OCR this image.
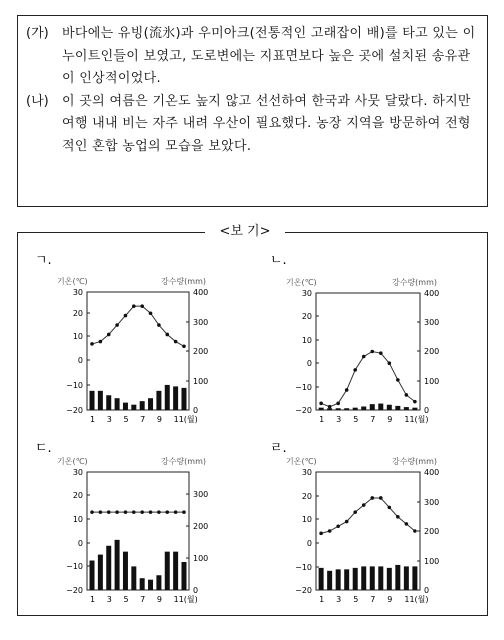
(가)	바다에는 유빙(流氷)과 우미아크(전통적인 고래잡이 배)를 타고 있는 이누이트인들이 보였고, 도로변에는 지표면보다 높은 곳에 설치된 송유관이 인상적이었다.
(나)	이 곳의 여름은 기온도 높지 않고 선선하여 한국과 사뭇 달랐다. 하지만 여행 내내 비는 자주 내려 우산이 필요했다. 농장 지역을 방문하여 전형적인 혼합 농업의 모습을 보았다.
<보 기>
ㄱ.
기온(℃)	강수량(mm)
30
20
10
0
−10
−20
400
300
200
100
0
1 3 5 7 9 11(월)
ㄴ.
기온(℃)	강수량(mm)
30
20
10
0
−10
−20
400
300
200
100
0
1 3 5 7 9 11(월)
ㄷ.
기온(℃)	강수량(mm)
30
20
10
0
−10
−20
300
200
100
0
1 3 5 7 9 11(월)
ㄹ.
기온(℃)	강수량(mm)
30
20
10
0
−10
−20
400
300
200
100
0
1 3 5 7 9 11(월)
